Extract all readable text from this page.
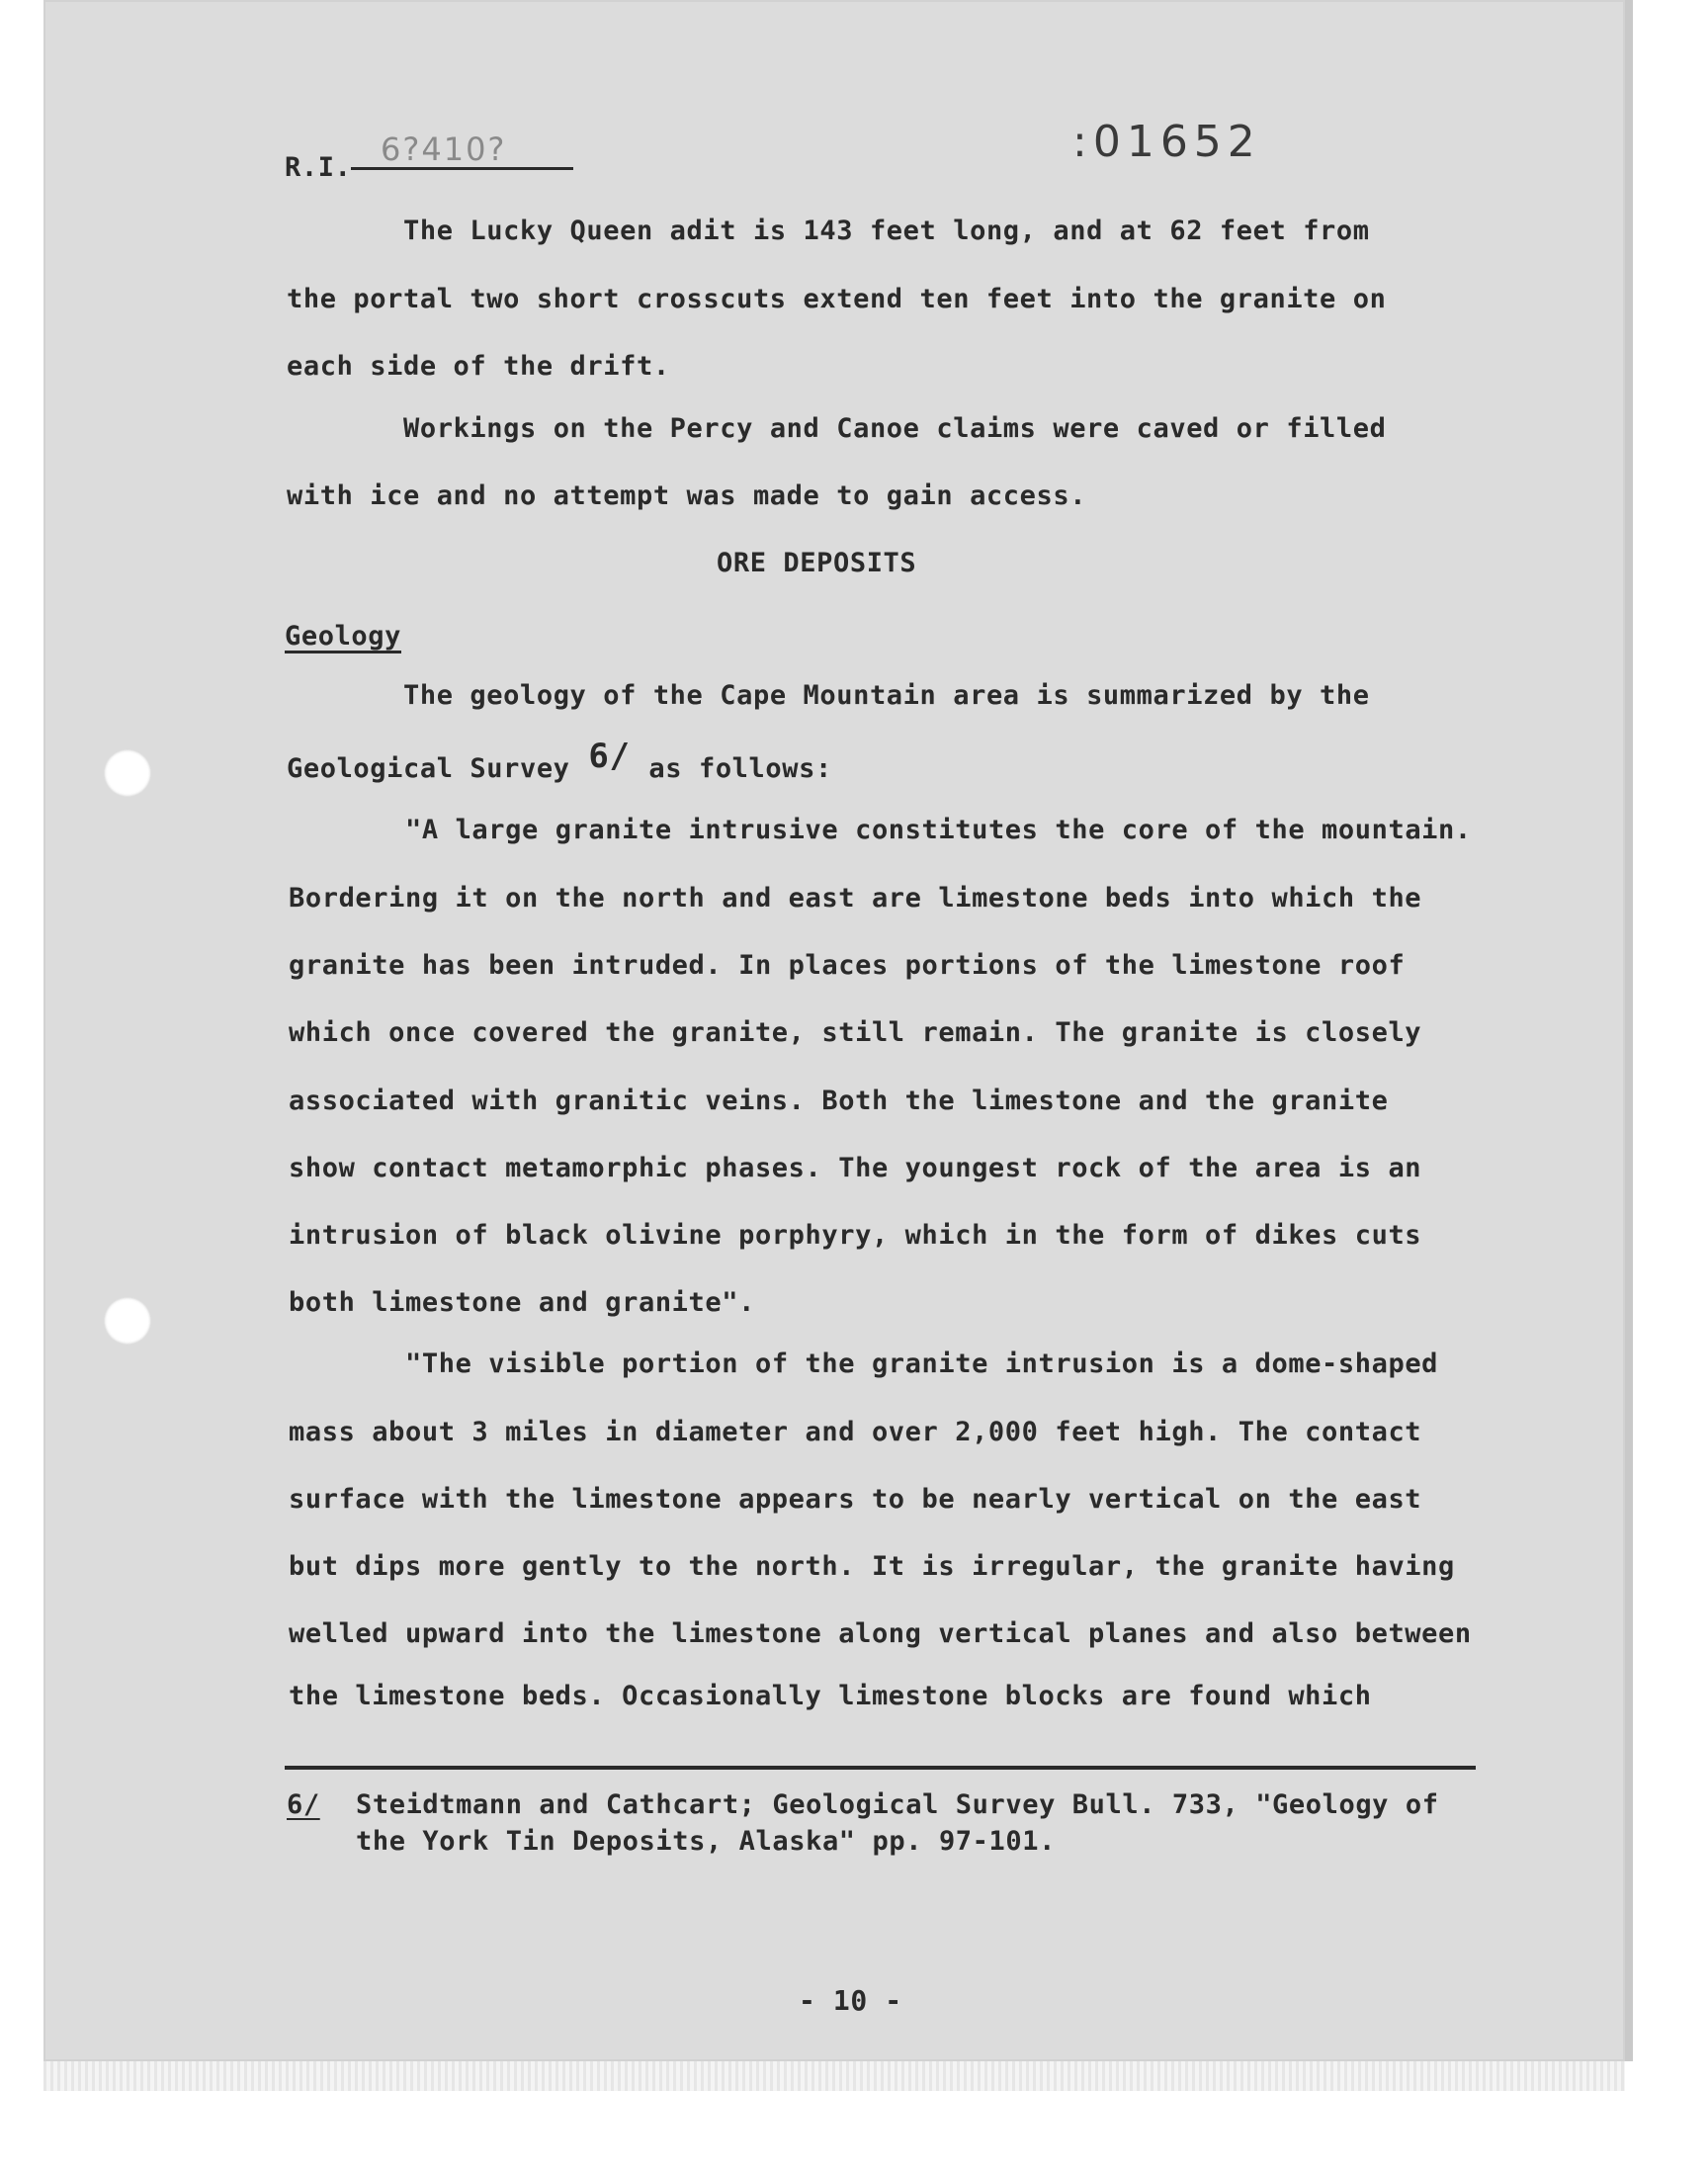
R.I. 6?410?	:01652
The Lucky Queen adit is 143 feet long, and at 62 feet from
the portal two short crosscuts extend ten feet into the granite on
each side of the drift.
Workings on the Percy and Canoe claims were caved or filled
with ice and no attempt was made to gain access.
ORE DEPOSITS
Geology
The geology of the Cape Mountain area is summarized by the
Geological Survey 6/ as follows:
"A large granite intrusive constitutes the core of the mountain.
Bordering it on the north and east are limestone beds into which the
granite has been intruded. In places portions of the limestone roof
which once covered the granite, still remain. The granite is closely
associated with granitic veins. Both the limestone and the granite
show contact metamorphic phases. The youngest rock of the area is an
intrusion of black olivine porphyry, which in the form of dikes cuts
both limestone and granite".
"The visible portion of the granite intrusion is a dome-shaped
mass about 3 miles in diameter and over 2,000 feet high. The contact
surface with the limestone appears to be nearly vertical on the east
but dips more gently to the north. It is irregular, the granite having
welled upward into the limestone along vertical planes and also between
the limestone beds. Occasionally limestone blocks are found which
6/ Steidtmann and Cathcart; Geological Survey Bull. 733, "Geology of
the York Tin Deposits, Alaska" pp. 97-101.
- 10 -
